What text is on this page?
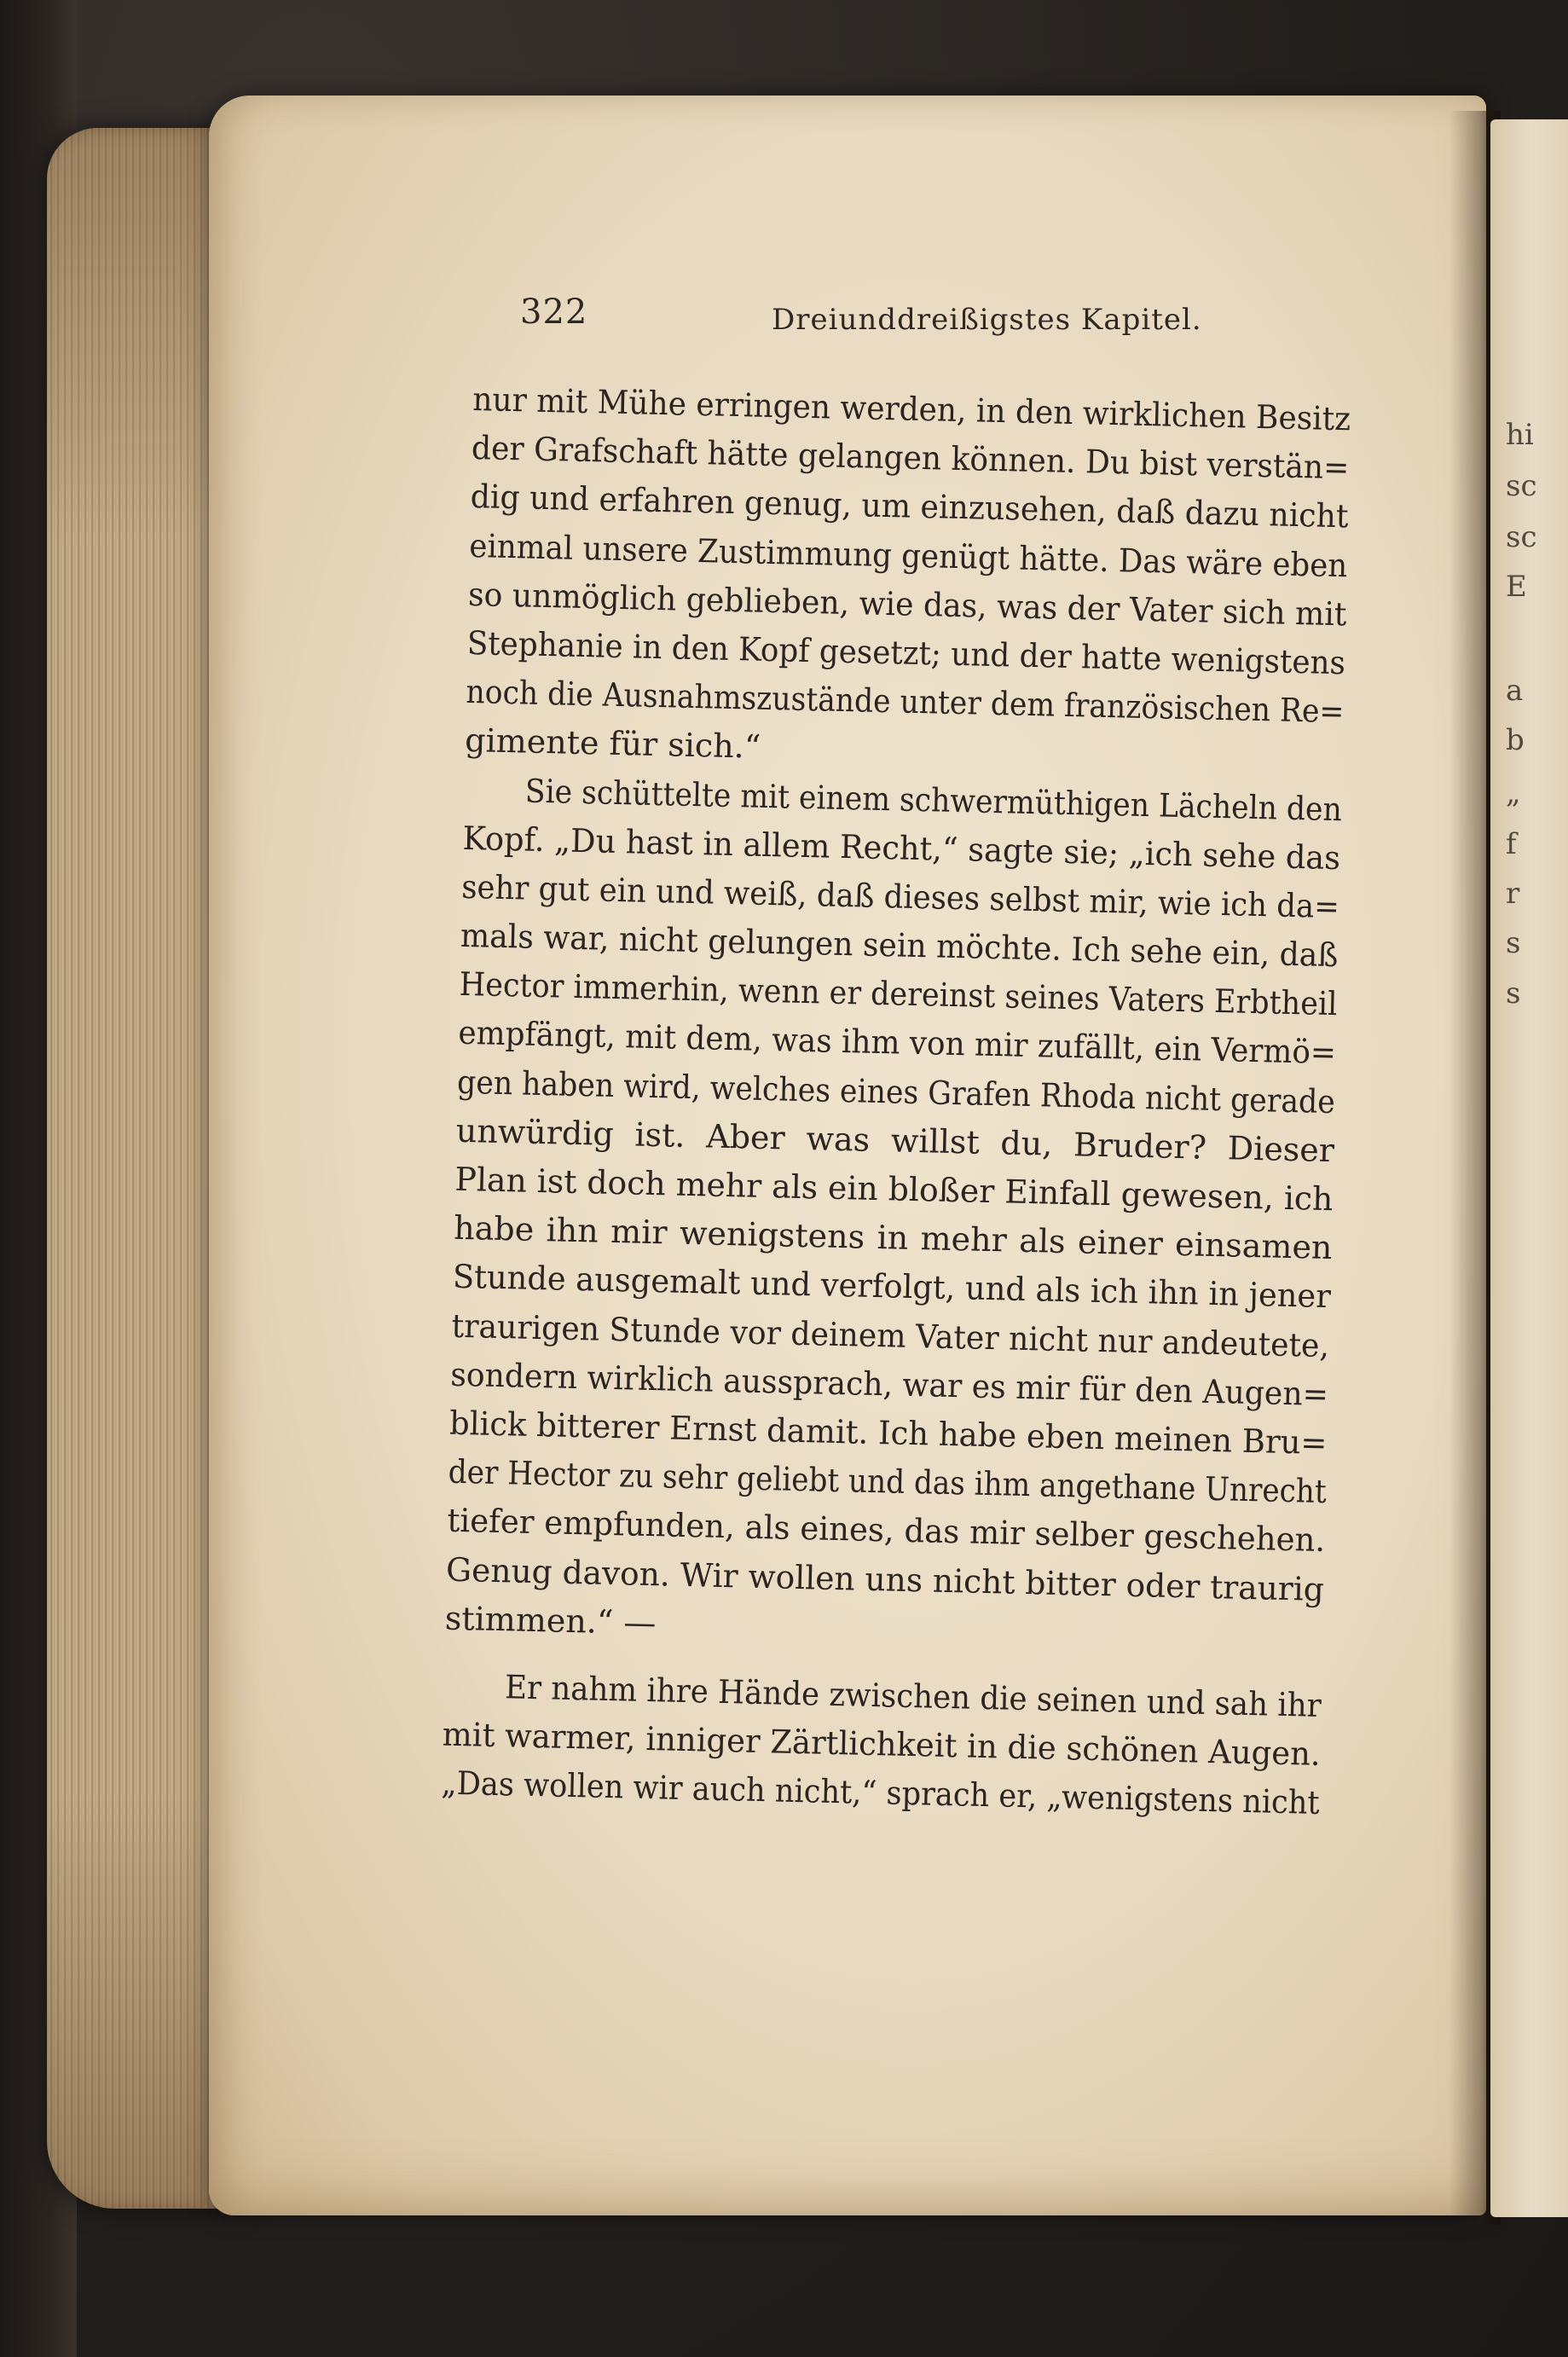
hi
sc
sc
E
a
b
„
f
r
s
s
322	Dreiunddreißigstes Kapitel.
nur mit Mühe erringen werden, in den wirklichen Besitz
der Grafschaft hätte gelangen können. Du bist verstän=
dig und erfahren genug, um einzusehen, daß dazu nicht
einmal unsere Zustimmung genügt hätte. Das wäre eben
so unmöglich geblieben, wie das, was der Vater sich mit
Stephanie in den Kopf gesetzt; und der hatte wenigstens
noch die Ausnahmszustände unter dem französischen Re=
gimente für sich.“
Sie schüttelte mit einem schwermüthigen Lächeln den
Kopf. „Du hast in allem Recht,“ sagte sie; „ich sehe das
sehr gut ein und weiß, daß dieses selbst mir, wie ich da=
mals war, nicht gelungen sein möchte. Ich sehe ein, daß
Hector immerhin, wenn er dereinst seines Vaters Erbtheil
empfängt, mit dem, was ihm von mir zufällt, ein Vermö=
gen haben wird, welches eines Grafen Rhoda nicht gerade
unwürdig ist. Aber was willst du, Bruder? Dieser
Plan ist doch mehr als ein bloßer Einfall gewesen, ich
habe ihn mir wenigstens in mehr als einer einsamen
Stunde ausgemalt und verfolgt, und als ich ihn in jener
traurigen Stunde vor deinem Vater nicht nur andeutete,
sondern wirklich aussprach, war es mir für den Augen=
blick bitterer Ernst damit. Ich habe eben meinen Bru=
der Hector zu sehr geliebt und das ihm angethane Unrecht
tiefer empfunden, als eines, das mir selber geschehen.
Genug davon. Wir wollen uns nicht bitter oder traurig
stimmen.“ —
Er nahm ihre Hände zwischen die seinen und sah ihr
mit warmer, inniger Zärtlichkeit in die schönen Augen.
„Das wollen wir auch nicht,“ sprach er, „wenigstens nicht
